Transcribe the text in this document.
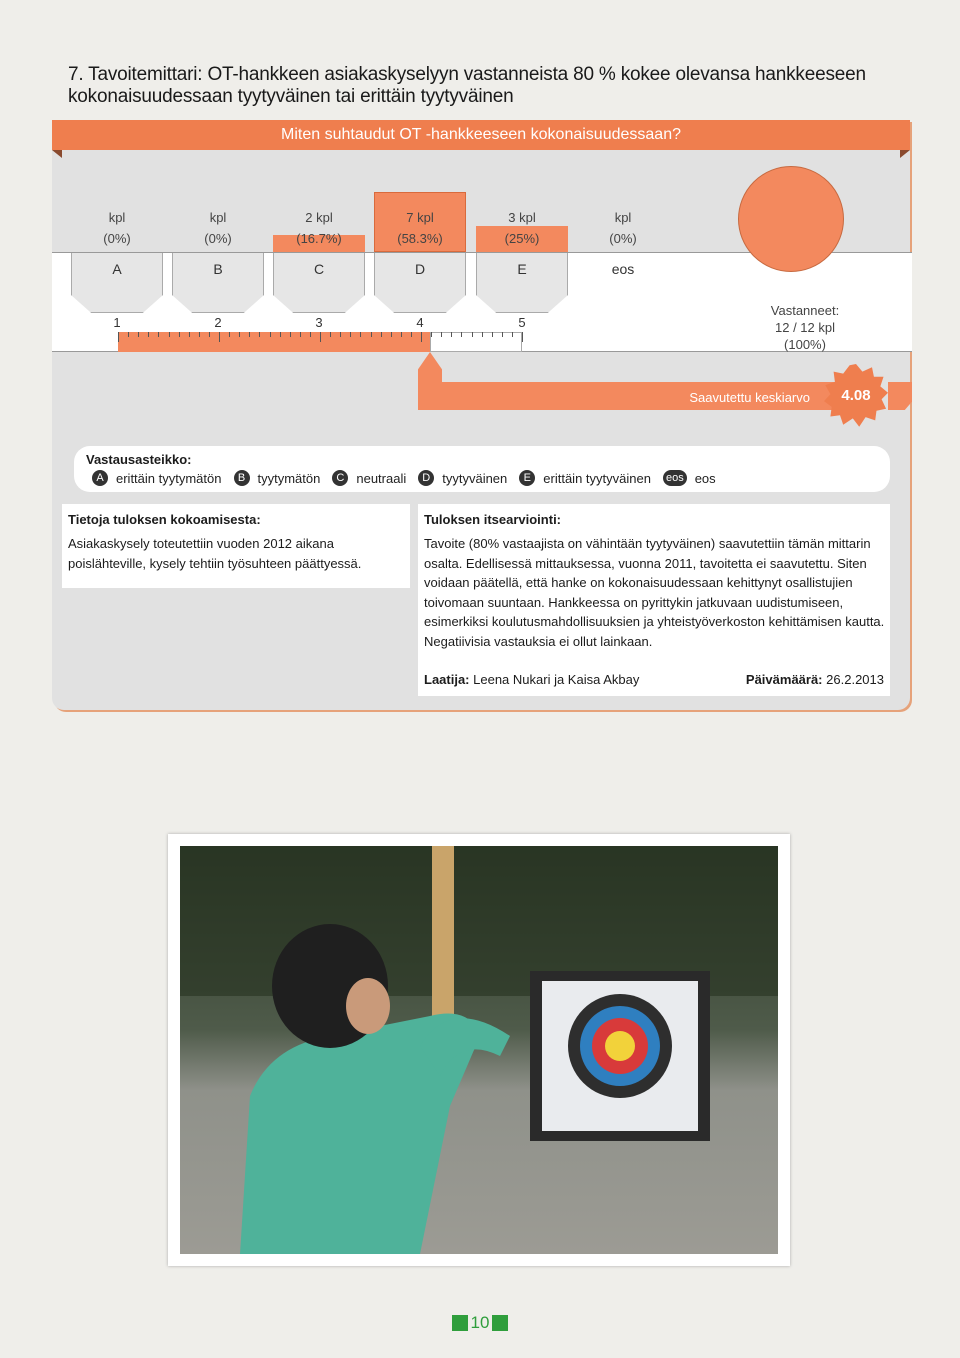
7. Tavoitemittari: OT-hankkeen asiakaskyselyyn vastanneista 80 % kokee olevansa hankkeeseen kokonaisuudessaan tyytyväinen tai erittäin tyytyväinen
Miten suhtaudut OT -hankkeeseen kokonaisuudessaan?
kpl
(0%)
kpl
(0%)
2 kpl
(16.7%)
7 kpl
(58.3%)
3 kpl
(25%)
kpl
(0%)
A	B	C	D	E	eos
1	2	3	4	5
Vastanneet:
12 / 12 kpl
(100%)
Saavutettu keskiarvo	4.08
Vastausasteikko:
A erittäin tyytymätön	B tyytymätön	C neutraali	D tyytyväinen	E erittäin tyytyväinen eos eos
Tietoja tuloksen kokoamisesta:

Asiakaskysely toteutettiin vuoden 2012 aikana poislähteville, kysely tehtiin työsuhteen päättyessä.

Tuloksen itsearviointi:

Tavoite (80% vastaajista on vähintään tyytyväinen) saavutettiin tämän mittarin osalta. Edellisessä mittauksessa, vuonna 2011, tavoitetta ei saavutettu. Siten voidaan päätellä, että hanke on kokonaisuudessaan kehittynyt osallistujien toivomaan suuntaan. Hankkeessa on pyrittykin jatkuvaan uudistumiseen, esimerkiksi koulutusmahdollisuuksien ja yhteistyöverkoston kehittämisen kautta. Negatiivisia vastauksia ei ollut lainkaan.

Laatija: Leena Nukari ja Kaisa Akbay	Päivämäärä: 26.2.2013
10
